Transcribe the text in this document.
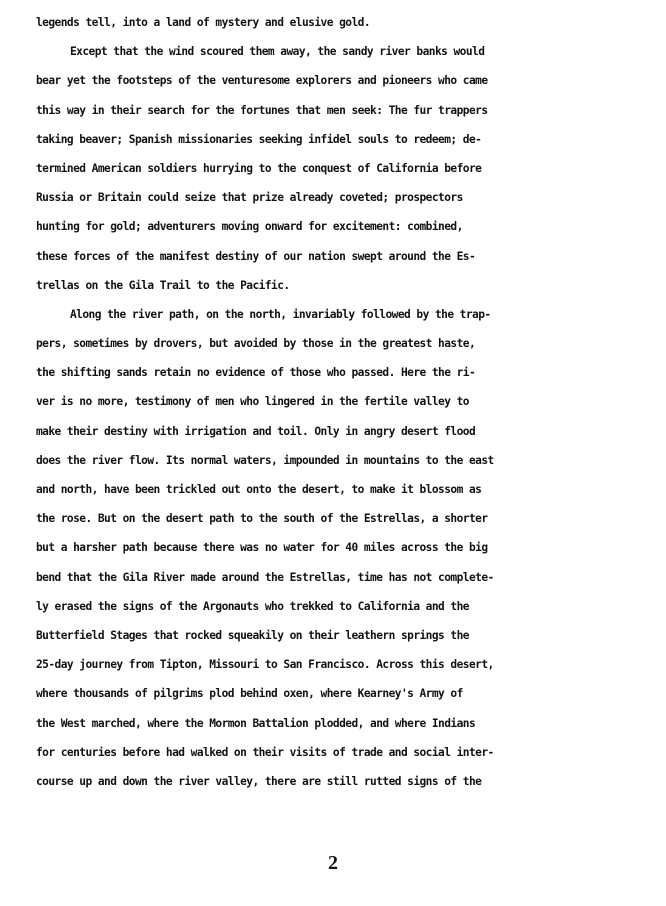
legends tell, into a land of mystery and elusive gold.
Except that the wind scoured them away, the sandy river banks would
bear yet the footsteps of the venturesome explorers and pioneers who came
this way in their search for the fortunes that men seek: The fur trappers
taking beaver; Spanish missionaries seeking infidel souls to redeem; de-
termined American soldiers hurrying to the conquest of California before
Russia or Britain could seize that prize already coveted; prospectors
hunting for gold; adventurers moving onward for excitement: combined,
these forces of the manifest destiny of our nation swept around the Es-
trellas on the Gila Trail to the Pacific.
Along the river path, on the north, invariably followed by the trap-
pers, sometimes by drovers, but avoided by those in the greatest haste,
the shifting sands retain no evidence of those who passed. Here the ri-
ver is no more, testimony of men who lingered in the fertile valley to
make their destiny with irrigation and toil. Only in angry desert flood
does the river flow. Its normal waters, impounded in mountains to the east
and north, have been trickled out onto the desert, to make it blossom as
the rose. But on the desert path to the south of the Estrellas, a shorter
but a harsher path because there was no water for 40 miles across the big
bend that the Gila River made around the Estrellas, time has not complete-
ly erased the signs of the Argonauts who trekked to California and the
Butterfield Stages that rocked squeakily on their leathern springs the
25-day journey from Tipton, Missouri to San Francisco. Across this desert,
where thousands of pilgrims plod behind oxen, where Kearney's Army of
the West marched, where the Mormon Battalion plodded, and where Indians
for centuries before had walked on their visits of trade and social inter-
course up and down the river valley, there are still rutted signs of the
2
